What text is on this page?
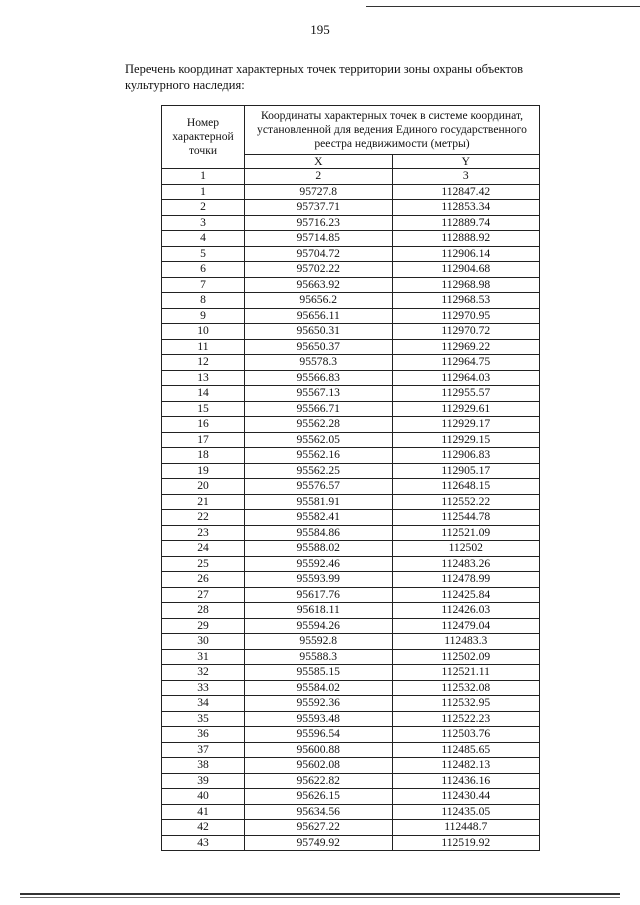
195
Перечень координат характерных точек территории зоны охраны объектов культурного наследия:
Номер характерной точки	Координаты характерных точек в системе координат, установленной для ведения Единого государственного реестра недвижимости (метры)	
	X	Y
1	2	3
1	95727.8	112847.42
2	95737.71	112853.34
3	95716.23	112889.74
4	95714.85	112888.92
5	95704.72	112906.14
6	95702.22	112904.68
7	95663.92	112968.98
8	95656.2	112968.53
9	95656.11	112970.95
10	95650.31	112970.72
11	95650.37	112969.22
12	95578.3	112964.75
13	95566.83	112964.03
14	95567.13	112955.57
15	95566.71	112929.61
16	95562.28	112929.17
17	95562.05	112929.15
18	95562.16	112906.83
19	95562.25	112905.17
20	95576.57	112648.15
21	95581.91	112552.22
22	95582.41	112544.78
23	95584.86	112521.09
24	95588.02	112502
25	95592.46	112483.26
26	95593.99	112478.99
27	95617.76	112425.84
28	95618.11	112426.03
29	95594.26	112479.04
30	95592.8	112483.3
31	95588.3	112502.09
32	95585.15	112521.11
33	95584.02	112532.08
34	95592.36	112532.95
35	95593.48	112522.23
36	95596.54	112503.76
37	95600.88	112485.65
38	95602.08	112482.13
39	95622.82	112436.16
40	95626.15	112430.44
41	95634.56	112435.05
42	95627.22	112448.7
43	95749.92	112519.92
